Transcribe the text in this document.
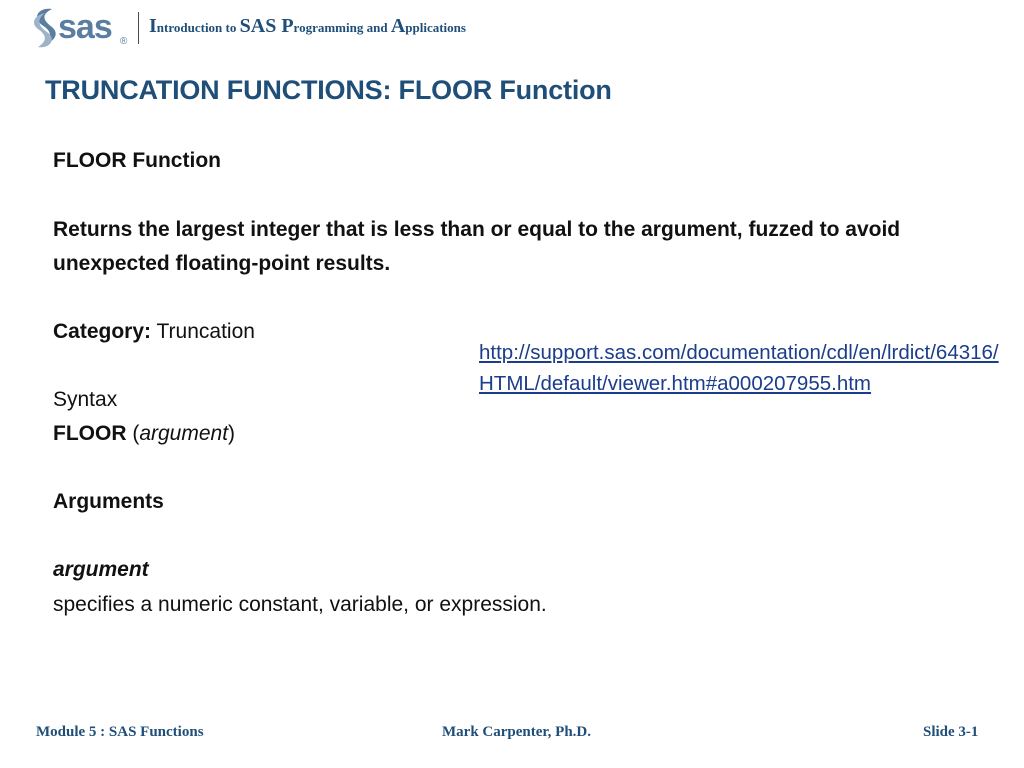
sas ®
Introduction to SAS Programming and Applications
TRUNCATION FUNCTIONS: FLOOR Function
FLOOR Function
Returns the largest integer that is less than or equal to the argument, fuzzed to avoid unexpected floating-point results.
Category: Truncation
Syntax
FLOOR (argument)
Arguments
argument
specifies a numeric constant, variable, or expression.
http://support.sas.com/documentation/cdl/en/lrdict/64316/HTML/default/viewer.htm#a000207955.htm
Module 5 : SAS Functions	Mark Carpenter, Ph.D.	Slide 3-1
